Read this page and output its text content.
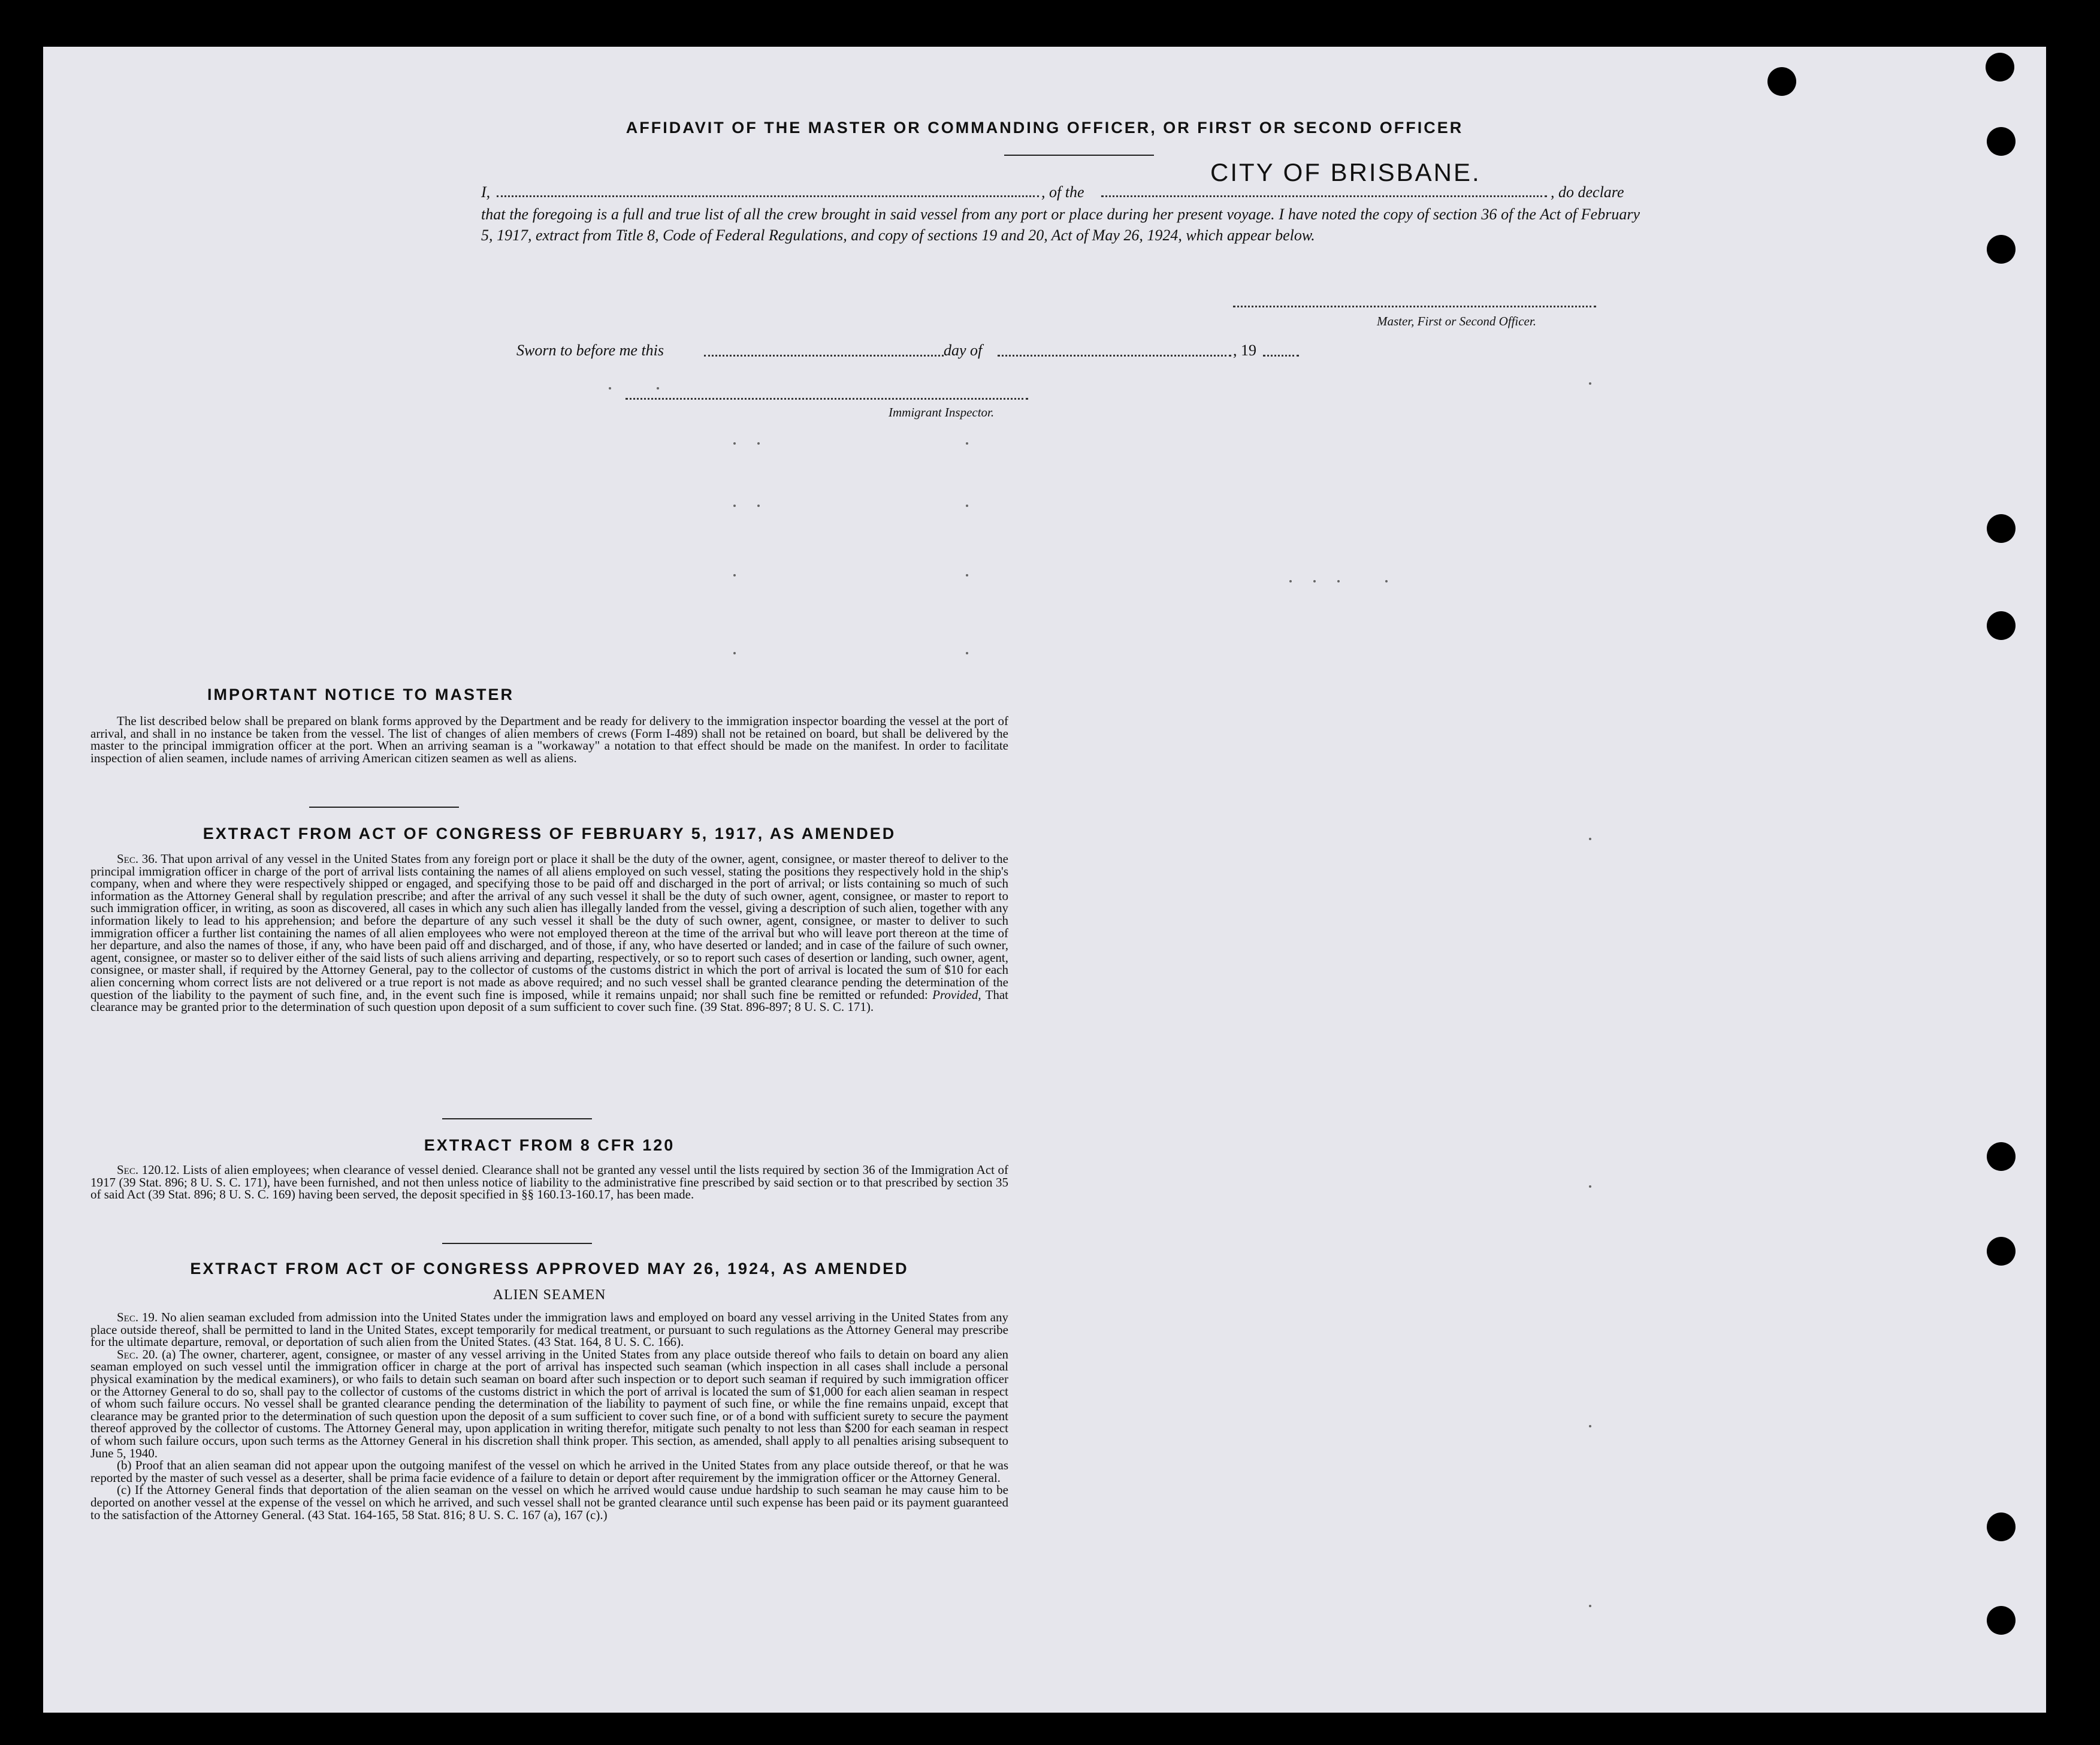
AFFIDAVIT OF THE MASTER OR COMMANDING OFFICER, OR FIRST OR SECOND OFFICER
CITY OF BRISBANE.
I,	, of the	, do declare
that the foregoing is a full and true list of all the crew brought in said vessel from any port or place during her present voyage. I have noted the copy of section 36 of the Act of February 5, 1917, extract from Title 8, Code of Federal Regulations, and copy of sections 19 and 20, Act of May 26, 1924, which appear below.
Master, First or Second Officer.
Sworn to before me this	day of	, 19
Immigrant Inspector.
IMPORTANT NOTICE TO MASTER

The list described below shall be prepared on blank forms approved by the Department and be ready for delivery to the immigration inspector boarding the vessel at the port of arrival, and shall in no instance be taken from the vessel. The list of changes of alien members of crews (Form I-489) shall not be retained on board, but shall be delivered by the master to the principal immigration officer at the port. When an arriving seaman is a "workaway" a notation to that effect should be made on the manifest. In order to facilitate inspection of alien seamen, include names of arriving American citizen seamen as well as aliens.

EXTRACT FROM ACT OF CONGRESS OF FEBRUARY 5, 1917, AS AMENDED

Sec. 36. That upon arrival of any vessel in the United States from any foreign port or place it shall be the duty of the owner, agent, consignee, or master thereof to deliver to the principal immigration officer in charge of the port of arrival lists containing the names of all aliens employed on such vessel, stating the positions they respectively hold in the ship's company, when and where they were respectively shipped or engaged, and specifying those to be paid off and discharged in the port of arrival; or lists containing so much of such information as the Attorney General shall by regulation prescribe; and after the arrival of any such vessel it shall be the duty of such owner, agent, consignee, or master to report to such immigration officer, in writing, as soon as discovered, all cases in which any such alien has illegally landed from the vessel, giving a description of such alien, together with any information likely to lead to his apprehension; and before the departure of any such vessel it shall be the duty of such owner, agent, consignee, or master to deliver to such immigration officer a further list containing the names of all alien employees who were not employed thereon at the time of the arrival but who will leave port thereon at the time of her departure, and also the names of those, if any, who have been paid off and discharged, and of those, if any, who have deserted or landed; and in case of the failure of such owner, agent, consignee, or master so to deliver either of the said lists of such aliens arriving and departing, respectively, or so to report such cases of desertion or landing, such owner, agent, consignee, or master shall, if required by the Attorney General, pay to the collector of customs of the customs district in which the port of arrival is located the sum of $10 for each alien concerning whom correct lists are not delivered or a true report is not made as above required; and no such vessel shall be granted clearance pending the determination of the question of the liability to the payment of such fine, and, in the event such fine is imposed, while it remains unpaid; nor shall such fine be remitted or refunded: Provided, That clearance may be granted prior to the determination of such question upon deposit of a sum sufficient to cover such fine. (39 Stat. 896-897; 8 U. S. C. 171).

EXTRACT FROM 8 CFR 120

Sec. 120.12. Lists of alien employees; when clearance of vessel denied. Clearance shall not be granted any vessel until the lists required by section 36 of the Immigration Act of 1917 (39 Stat. 896; 8 U. S. C. 171), have been furnished, and not then unless notice of liability to the administrative fine prescribed by said section or to that prescribed by section 35 of said Act (39 Stat. 896; 8 U. S. C. 169) having been served, the deposit specified in §§ 160.13-160.17, has been made.

EXTRACT FROM ACT OF CONGRESS APPROVED MAY 26, 1924, AS AMENDED
ALIEN SEAMEN

Sec. 19. No alien seaman excluded from admission into the United States under the immigration laws and employed on board any vessel arriving in the United States from any place outside thereof, shall be permitted to land in the United States, except temporarily for medical treatment, or pursuant to such regulations as the Attorney General may prescribe for the ultimate departure, removal, or deportation of such alien from the United States. (43 Stat. 164, 8 U. S. C. 166).

Sec. 20. (a) The owner, charterer, agent, consignee, or master of any vessel arriving in the United States from any place outside thereof who fails to detain on board any alien seaman employed on such vessel until the immigration officer in charge at the port of arrival has inspected such seaman (which inspection in all cases shall include a personal physical examination by the medical examiners), or who fails to detain such seaman on board after such inspection or to deport such seaman if required by such immigration officer or the Attorney General to do so, shall pay to the collector of customs of the customs district in which the port of arrival is located the sum of $1,000 for each alien seaman in respect of whom such failure occurs. No vessel shall be granted clearance pending the determination of the liability to payment of such fine, or while the fine remains unpaid, except that clearance may be granted prior to the determination of such question upon the deposit of a sum sufficient to cover such fine, or of a bond with sufficient surety to secure the payment thereof approved by the collector of customs. The Attorney General may, upon application in writing therefor, mitigate such penalty to not less than $200 for each seaman in respect of whom such failure occurs, upon such terms as the Attorney General in his discretion shall think proper. This section, as amended, shall apply to all penalties arising subsequent to June 5, 1940.

(b) Proof that an alien seaman did not appear upon the outgoing manifest of the vessel on which he arrived in the United States from any place outside thereof, or that he was reported by the master of such vessel as a deserter, shall be prima facie evidence of a failure to detain or deport after requirement by the immigration officer or the Attorney General.

(c) If the Attorney General finds that deportation of the alien seaman on the vessel on which he arrived would cause undue hardship to such seaman he may cause him to be deported on another vessel at the expense of the vessel on which he arrived, and such vessel shall not be granted clearance until such expense has been paid or its payment guaranteed to the satisfaction of the Attorney General. (43 Stat. 164-165, 58 Stat. 816; 8 U. S. C. 167 (a), 167 (c).)
